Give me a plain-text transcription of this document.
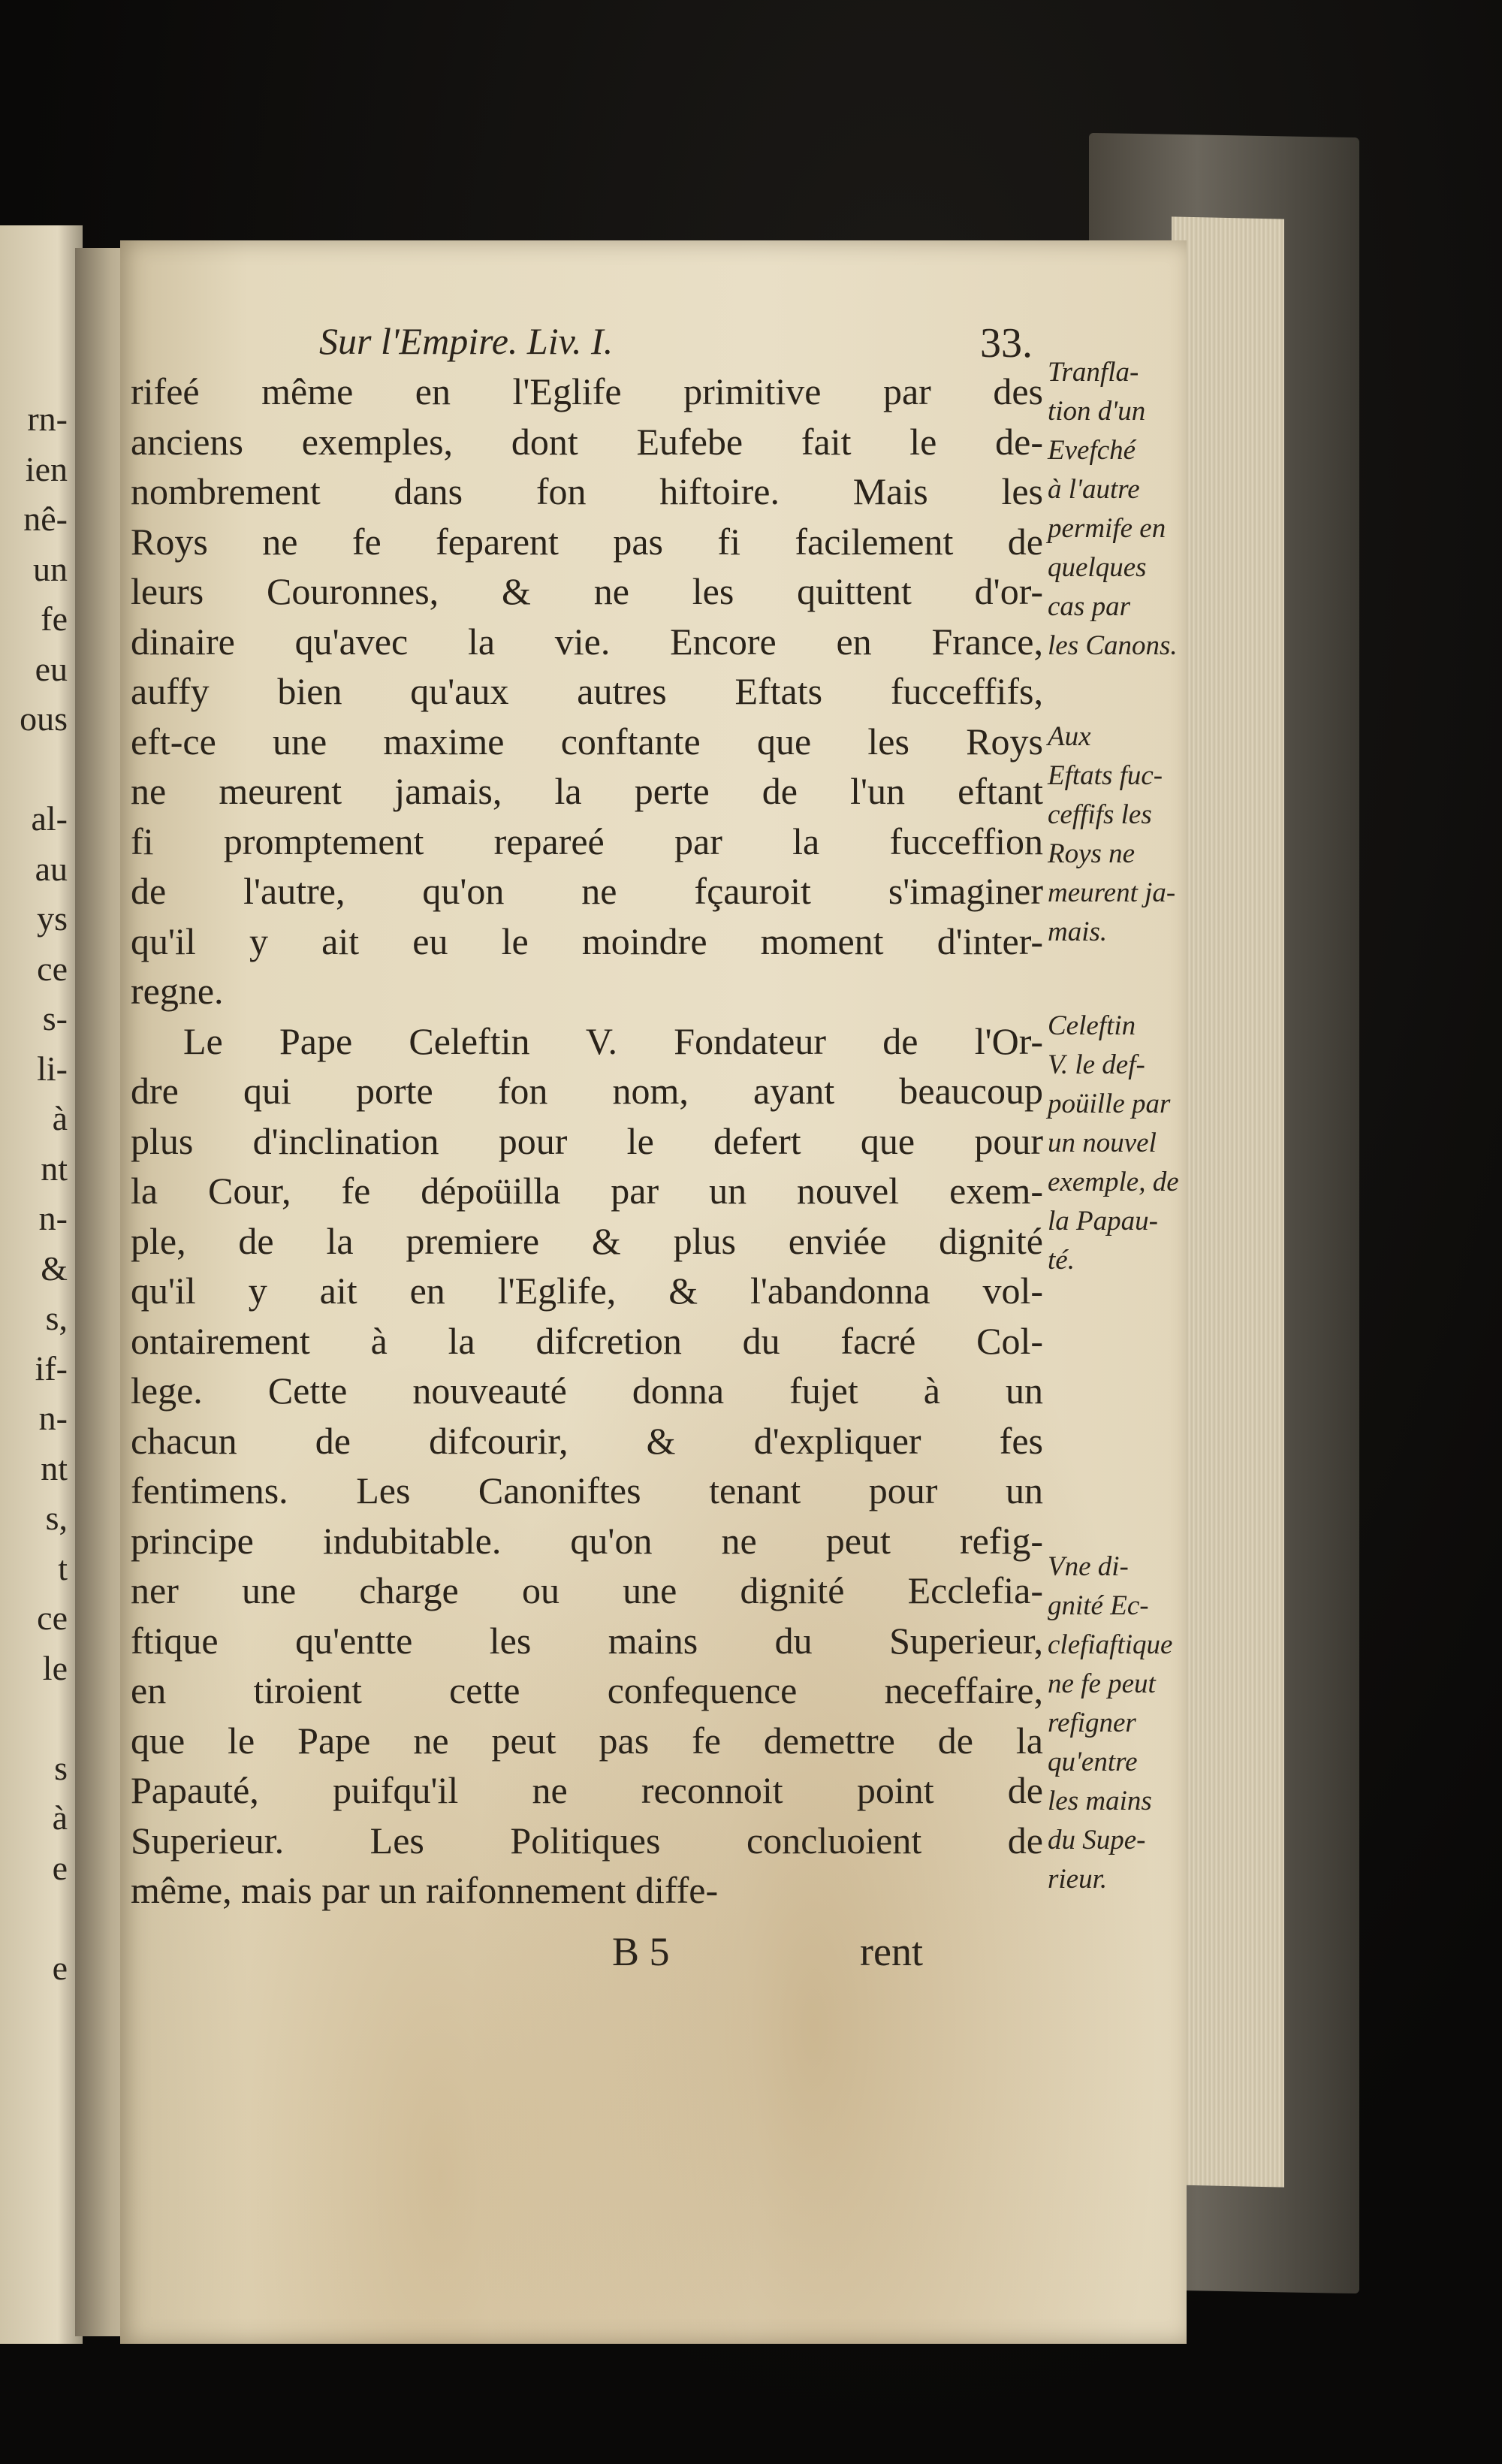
rn-
ien
nê-
un
fe
eu
ous
al-
au
ys
ce
s-
li-
à
nt
n-
&
s,
if-
n-
nt
s,
t
ce
le
s
à
e
e
Sur l'Empire. Liv. I.	33.
rifeé même en l'Eglife primitive par des
anciens exemples, dont Eufebe fait le de-
nombrement dans fon hiftoire. Mais les
Roys ne fe feparent pas fi facilement de
leurs Couronnes, & ne les quittent d'or-
dinaire qu'avec la vie. Encore en France,
auffy bien qu'aux autres Eftats fucceffifs,
eft-ce une maxime conftante que les Roys
ne meurent jamais, la perte de l'un eftant
fi promptement repareé par la fucceffion
de l'autre, qu'on ne fçauroit s'imaginer
qu'il y ait eu le moindre moment d'inter-
regne.
Le Pape Celeftin V. Fondateur de l'Or-
dre qui porte fon nom, ayant beaucoup
plus d'inclination pour le defert que pour
la Cour, fe dépoüilla par un nouvel exem-
ple, de la premiere & plus enviée dignité
qu'il y ait en l'Eglife, & l'abandonna vol-
ontairement à la difcretion du facré Col-
lege. Cette nouveauté donna fujet à un
chacun de difcourir, & d'expliquer fes
fentimens. Les Canoniftes tenant pour un
principe indubitable. qu'on ne peut refig-
ner une charge ou une dignité Ecclefia-
ftique qu'entte les mains du Superieur,
en tiroient cette confequence neceffaire,
que le Pape ne peut pas fe demettre de la
Papauté, puifqu'il ne reconnoit point de
Superieur. Les Politiques concluoient de
même, mais par un raifonnement diffe-
Tranfla-
tion d'un
Evefché
à l'autre
permife en
quelques
cas par
les Canons.
Aux
Eftats fuc-
ceffifs les
Roys ne
meurent ja-
mais.
Celeftin
V. le def-
poüille par
un nouvel
exemple, de
la Papau-
té.
Vne di-
gnité Ec-
clefiaftique
ne fe peut
refigner
qu'entre
les mains
du Supe-
rieur.
B 5	rent
